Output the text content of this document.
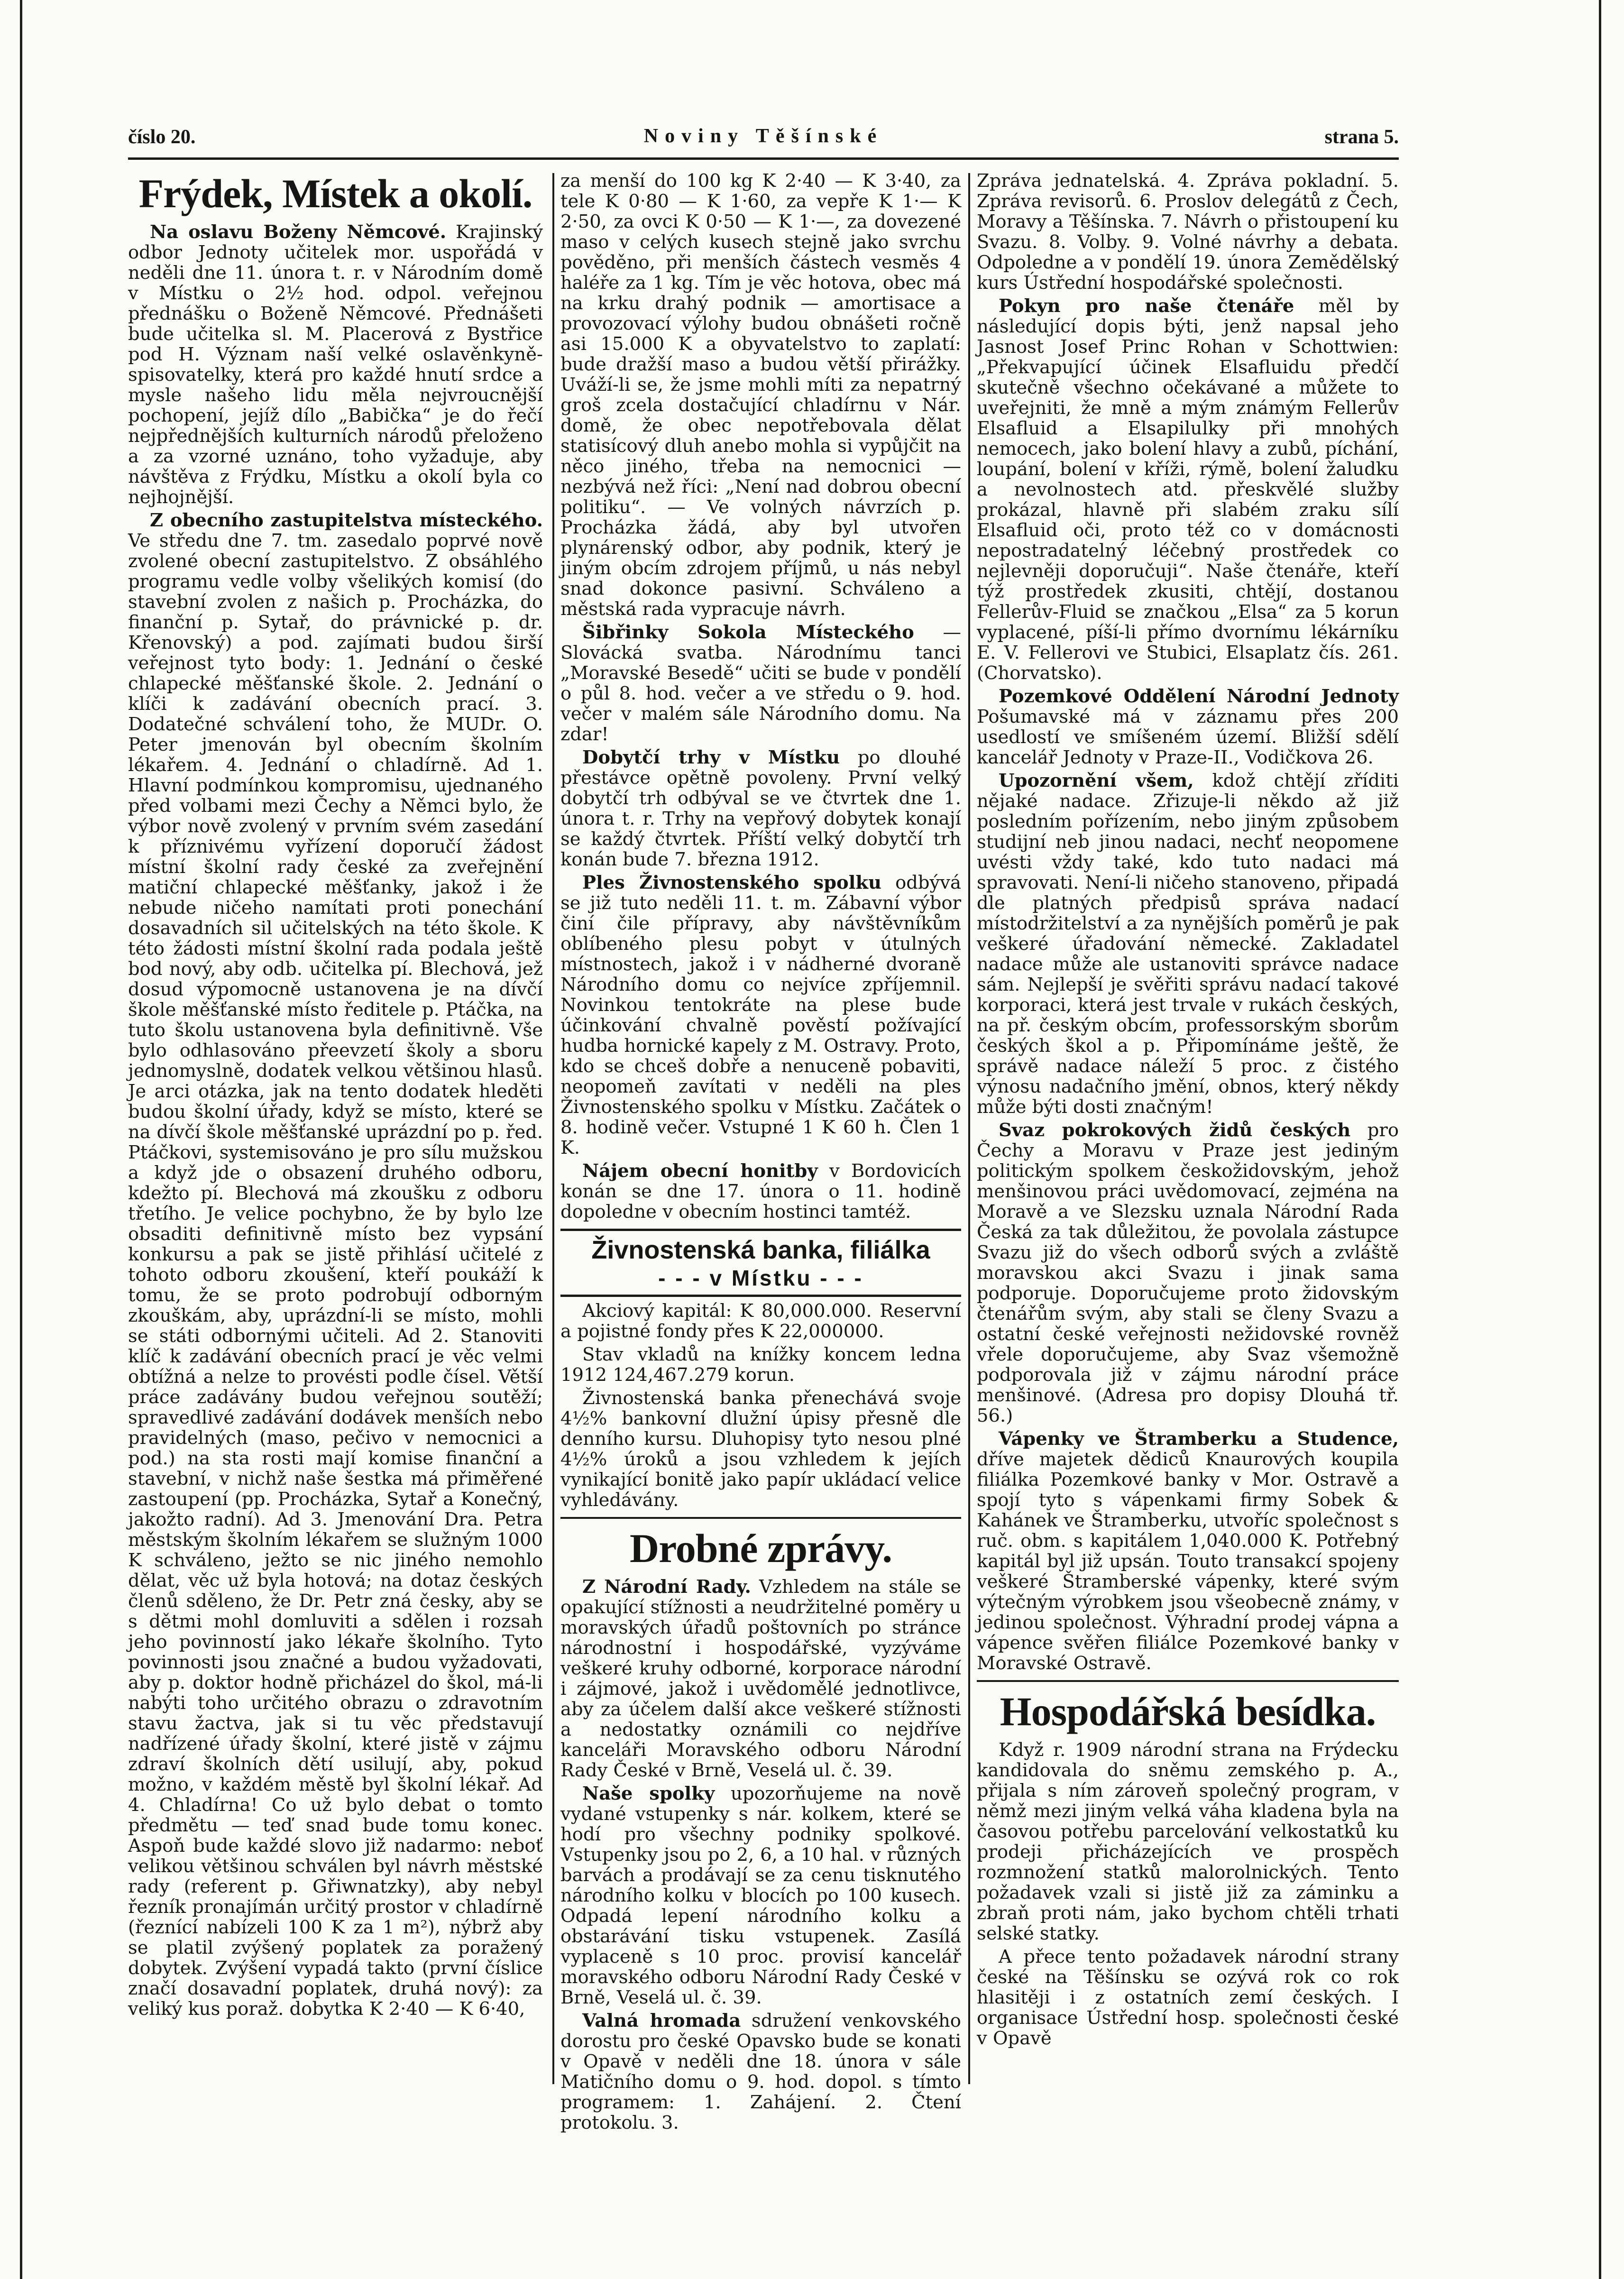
číslo 20.	Noviny Těšínské	strana 5.
Frýdek, Místek a okolí.

Na oslavu Boženy Němcové. Krajinský odbor Jednoty učitelek mor. uspořádá v neděli dne 11. února t. r. v Národním domě v Místku o 2½ hod. odpol. veřejnou přednášku o Boženě Němcové. Přednášeti bude učitelka sl. M. Placerová z Bystřice pod H. Význam naší velké oslavěnkyně-spisovatelky, která pro každé hnutí srdce a mysle našeho lidu měla nejvroucnější pochopení, jejíž dílo „Babička“ je do řečí nejpřednějších kulturních národů přeloženo a za vzorné uznáno, toho vyžaduje, aby návštěva z Frýdku, Místku a okolí byla co nejhojnější.

Z obecního zastupitelstva místeckého. Ve středu dne 7. tm. zasedalo poprvé nově zvolené obecní zastupitelstvo. Z obsáhlého programu vedle volby všelikých komisí (do stavební zvolen z našich p. Procházka, do finanční p. Sytař, do právnické p. dr. Křenovský) a pod. zajímati budou širší veřejnost tyto body: 1. Jednání o české chlapecké měšťanské škole. 2. Jednání o klíči k zadávání obecních prací. 3. Dodatečné schválení toho, že MUDr. O. Peter jmenován byl obecním školním lékařem. 4. Jednání o chladírně. Ad 1. Hlavní podmínkou kompromisu, ujednaného před volbami mezi Čechy a Němci bylo, že výbor nově zvolený v prvním svém zasedání k příznivému vyřízení doporučí žádost místní školní rady české za zveřejnění matiční chlapecké měšťanky, jakož i že nebude ničeho namítati proti ponechání dosavadních sil učitelských na této škole. K této žádosti místní školní rada podala ještě bod nový, aby odb. učitelka pí. Blechová, jež dosud výpomocně ustanovena je na dívčí škole měšťanské místo ředitele p. Ptáčka, na tuto školu ustanovena byla definitivně. Vše bylo odhlasováno přeevzetí školy a sboru jednomyslně, dodatek velkou většinou hlasů. Je arci otázka, jak na tento dodatek hleděti budou školní úřady, když se místo, které se na dívčí škole měšťanské uprázdní po p. řed. Ptáčkovi, systemisováno je pro sílu mužskou a když jde o obsazení druhého odboru, kdežto pí. Blechová má zkoušku z odboru třetího. Je velice pochybno, že by bylo lze obsaditi definitivně místo bez vypsání konkursu a pak se jistě přihlásí učitelé z tohoto odboru zkoušení, kteří poukáží k tomu, že se proto podrobují odborným zkouškám, aby, uprázdní-li se místo, mohli se státi odbornými učiteli. Ad 2. Stanoviti klíč k zadávání obecních prací je věc velmi obtížná a nelze to provésti podle čísel. Větší práce zadávány budou veřejnou soutěží; spravedlivé zadávání dodávek menších nebo pravidelných (maso, pečivo v nemocnici a pod.) na sta rosti mají komise finanční a stavební, v nichž naše šestka má přiměřené zastoupení (pp. Procházka, Sytař a Konečný, jakožto radní). Ad 3. Jmenování Dra. Petra městským školním lékařem se služným 1000 K schváleno, ježto se nic jiného nemohlo dělat, věc už byla hotová; na dotaz českých členů sděleno, že Dr. Petr zná česky, aby se s dětmi mohl domluviti a sdělen i rozsah jeho povinností jako lékaře školního. Tyto povinnosti jsou značné a budou vyžadovati, aby p. doktor hodně přicházel do škol, má-li nabýti toho určitého obrazu o zdravotním stavu žactva, jak si tu věc představují nadřízené úřady školní, které jistě v zájmu zdraví školních dětí usilují, aby, pokud možno, v každém městě byl školní lékař. Ad 4. Chladírna! Co už bylo debat o tomto předmětu — teď snad bude tomu konec. Aspoň bude každé slovo již nadarmo: neboť velikou většinou schválen byl návrh městské rady (referent p. Gřiwnatzky), aby nebyl řezník pronajímán určitý prostor v chladírně (řeznící nabízeli 100 K za 1 m²), nýbrž aby se platil zvýšený poplatek za poražený dobytek. Zvýšení vypadá takto (první číslice značí dosavadní poplatek, druhá nový): za veliký kus poraž. dobytka K 2·40 — K 6·40,

za menší do 100 kg K 2·40 — K 3·40, za tele K 0·80 — K 1·60, za vepře K 1·— K 2·50, za ovci K 0·50 — K 1·—, za dovezené maso v celých kusech stejně jako svrchu pověděno, při menších částech vesměs 4 haléře za 1 kg. Tím je věc hotova, obec má na krku drahý podnik — amortisace a provozovací výlohy budou obnášeti ročně asi 15.000 K a obyvatelstvo to zaplatí: bude dražší maso a budou větší přirážky. Uváží-li se, že jsme mohli míti za nepatrný groš zcela dostačující chladírnu v Nár. domě, že obec nepotřebovala dělat statisícový dluh anebo mohla si vypůjčit na něco jiného, třeba na nemocnici — nezbývá než říci: „Není nad dobrou obecní politiku“. — Ve volných návrzích p. Procházka žádá, aby byl utvořen plynárenský odbor, aby podnik, který je jiným obcím zdrojem příjmů, u nás nebyl snad dokonce pasivní. Schváleno a městská rada vypracuje návrh.

Šibřinky Sokola Místeckého — Slovácká svatba. Národnímu tanci „Moravské Besedě“ učiti se bude v pondělí o půl 8. hod. večer a ve středu o 9. hod. večer v malém sále Národního domu. Na zdar!

Dobytčí trhy v Místku po dlouhé přestávce opětně povoleny. První velký dobytčí trh odbýval se ve čtvrtek dne 1. února t. r. Trhy na vepřový dobytek konají se každý čtvrtek. Příští velký dobytčí trh konán bude 7. března 1912.

Ples Živnostenského spolku odbývá se již tuto neděli 11. t. m. Zábavní výbor činí čile přípravy, aby návštěvníkům oblíbeného plesu pobyt v útulných místnostech, jakož i v nádherné dvoraně Národního domu co nejvíce zpříjemnil. Novinkou tentokráte na plese bude účinkování chvalně pověstí požívající hudba hornické kapely z M. Ostravy. Proto, kdo se chceš dobře a nenuceně pobaviti, neopomeň zavítati v neděli na ples Živnostenského spolku v Místku. Začátek o 8. hodině večer. Vstupné 1 K 60 h. Člen 1 K.

Nájem obecní honitby v Bordovicích konán se dne 17. února o 11. hodině dopoledne v obecním hostinci tamtéž.

Živnostenská banka, filiálka
- - - v Místku - - -

Akciový kapitál: K 80,000.000. Reservní a pojistné fondy přes K 22,000000.

Stav vkladů na knížky koncem ledna 1912 124,467.279 korun.

Živnostenská banka přenechává svoje 4½% bankovní dlužní úpisy přesně dle denního kursu. Dluhopisy tyto nesou plné 4½% úroků a jsou vzhledem k jejích vynikající bonitě jako papír ukládací velice vyhledávány.

Drobné zprávy.

Z Národní Rady. Vzhledem na stále se opakující stížnosti a neudržitelné poměry u moravských úřadů poštovních po stránce národnostní i hospodářské, vyzýváme veškeré kruhy odborné, korporace národní i zájmové, jakož i uvědomělé jednotlivce, aby za účelem další akce veškeré stížnosti a nedostatky oznámili co nejdříve kanceláři Moravského odboru Národní Rady České v Brně, Veselá ul. č. 39.

Naše spolky upozorňujeme na nově vydané vstupenky s nár. kolkem, které se hodí pro všechny podniky spolkové. Vstupenky jsou po 2, 6, a 10 hal. v různých barvách a prodávají se za cenu tisknutého národního kolku v blocích po 100 kusech. Odpadá lepení národního kolku a obstarávání tisku vstupenek. Zasílá vyplaceně s 10 proc. provisí kancelář moravského odboru Národní Rady České v Brně, Veselá ul. č. 39.

Valná hromada sdružení venkovského dorostu pro české Opavsko bude se konati v Opavě v neděli dne 18. února v sále Matičního domu o 9. hod. dopol. s tímto programem: 1. Zahájení. 2. Čtení protokolu. 3.

Zpráva jednatelská. 4. Zpráva pokladní. 5. Zpráva revisorů. 6. Proslov delegátů z Čech, Moravy a Těšínska. 7. Návrh o přistoupení ku Svazu. 8. Volby. 9. Volné návrhy a debata. Odpoledne a v pondělí 19. února Zemědělský kurs Ústřední hospodářské společnosti.

Pokyn pro naše čtenáře měl by následující dopis býti, jenž napsal jeho Jasnost Josef Princ Rohan v Schottwien: „Překvapující účinek Elsafluidu předčí skutečně všechno očekávané a můžete to uveřejniti, že mně a mým známým Fellerův Elsafluid a Elsapilulky při mnohých nemocech, jako bolení hlavy a zubů, píchání, loupání, bolení v kříži, rýmě, bolení žaludku a nevolnostech atd. přeskvělé služby prokázal, hlavně při slabém zraku sílí Elsafluid oči, proto též co v domácnosti nepostradatelný léčebný prostředek co nejlevněji doporučuji“. Naše čtenáře, kteří týž prostředek zkusiti, chtějí, dostanou Fellerův-Fluid se značkou „Elsa“ za 5 korun vyplacené, píší-li přímo dvornímu lékárníku E. V. Fellerovi ve Stubici, Elsaplatz čís. 261. (Chorvatsko).

Pozemkové Oddělení Národní Jednoty Pošumavské má v záznamu přes 200 usedlostí ve smíšeném území. Bližší sdělí kancelář Jednoty v Praze-II., Vodičkova 26.

Upozornění všem, kdož chtějí zříditi nějaké nadace. Zřizuje-li někdo až již posledním pořízením, nebo jiným způsobem studijní neb jinou nadaci, nechť neopomene uvésti vždy také, kdo tuto nadaci má spravovati. Není-li ničeho stanoveno, připadá dle platných předpisů správa nadací místodržitelství a za nynějších poměrů je pak veškeré úřadování německé. Zakladatel nadace může ale ustanoviti správce nadace sám. Nejlepší je svěřiti správu nadací takové korporaci, která jest trvale v rukách českých, na př. českým obcím, professorským sborům českých škol a p. Připomínáme ještě, že správě nadace náleží 5 proc. z čistého výnosu nadačního jmění, obnos, který někdy může býti dosti značným!

Svaz pokrokových židů českých pro Čechy a Moravu v Praze jest jediným politickým spolkem českožidovským, jehož menšinovou práci uvědomovací, zejména na Moravě a ve Slezsku uznala Národní Rada Česká za tak důležitou, že povolala zástupce Svazu již do všech odborů svých a zvláště moravskou akci Svazu i jinak sama podporuje. Doporučujeme proto židovským čtenářům svým, aby stali se členy Svazu a ostatní české veřejnosti nežidovské rovněž vřele doporučujeme, aby Svaz všemožně podporovala již v zájmu národní práce menšinové. (Adresa pro dopisy Dlouhá tř. 56.)

Vápenky ve Štramberku a Studence, dříve majetek dědiců Knaurových koupila filiálka Pozemkové banky v Mor. Ostravě a spojí tyto s vápenkami firmy Sobek & Kahánek ve Štramberku, utvoříc společnost s ruč. obm. s kapitálem 1,040.000 K. Potřebný kapitál byl již upsán. Touto transakcí spojeny veškeré Štramberské vápenky, které svým výtečným výrobkem jsou všeobecně známy, v jedinou společnost. Výhradní prodej vápna a vápence svěřen filiálce Pozemkové banky v Moravské Ostravě.

Hospodářská besídka.

Když r. 1909 národní strana na Frýdecku kandidovala do sněmu zemského p. A., přijala s ním zároveň společný program, v němž mezi jiným velká váha kladena byla na časovou potřebu parcelování velkostatků ku prodeji přicházejících ve prospěch rozmnožení statků malorolnických. Tento požadavek vzali si jistě již za záminku a zbraň proti nám, jako bychom chtěli trhati selské statky.

A přece tento požadavek národní strany české na Těšínsku se ozývá rok co rok hlasitěji i z ostatních zemí českých. I organisace Ústřední hosp. společnosti české v Opavě
